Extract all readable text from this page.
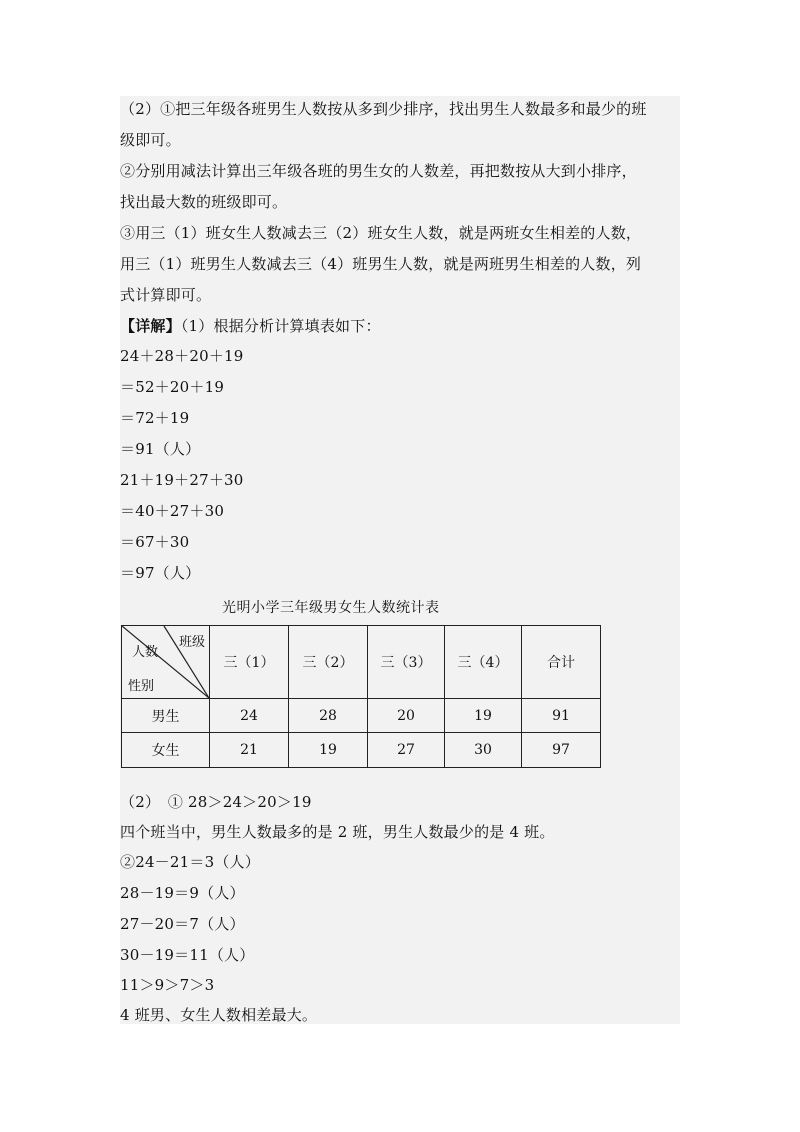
（2）①把三年级各班男生人数按从多到少排序，找出男生人数最多和最少的班
级即可。
②分别用减法计算出三年级各班的男生女的人数差，再把数按从大到小排序，
找出最大数的班级即可。
③用三（1）班女生人数减去三（2）班女生人数，就是两班女生相差的人数，
用三（1）班男生人数减去三（4）班男生人数，就是两班男生相差的人数，列
式计算即可。
【详解】（1）根据分析计算填表如下：
24＋28＋20＋19
＝52＋20＋19
＝72＋19
＝91（人）
21＋19＋27＋30
＝40＋27＋30
＝67＋30
＝97（人）
光明小学三年级男女生人数统计表
班级
人数
性别	三（1）	三（2）	三（3）	三（4）	合计
男生	24	28	20	19	91
女生	21	19	27	30	97
（2）　① 28＞24＞20＞19
四个班当中，男生人数最多的是 2 班，男生人数最少的是 4 班。
②24－21＝3（人）
28－19＝9（人）
27－20＝7（人）
30－19＝11（人）
11＞9＞7＞3
4 班男、女生人数相差最大。
